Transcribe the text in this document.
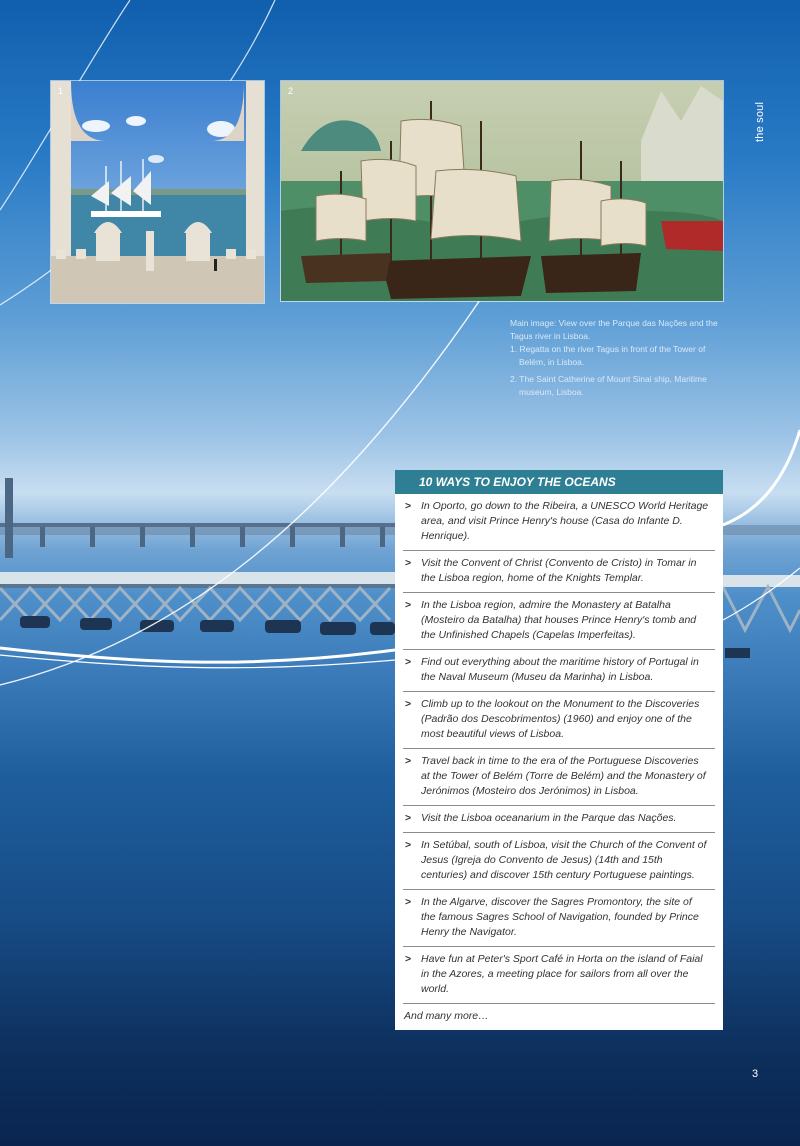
1	2
the soul

Main image: View over the Parque das Nações and the Tagus river in Lisboa.

1. Regatta on the river Tagus in front of the Tower of Belém, in Lisboa.

2. The Saint Catherine of Mount Sinai ship, Maritime museum, Lisboa.

10 WAYS TO ENJOY THE OCEANS
> In Oporto, go down to the Ribeira, a UNESCO World Heritage area, and visit Prince Henry's house (Casa do Infante D. Henrique).
> Visit the Convent of Christ (Convento de Cristo) in Tomar in the Lisboa region, home of the Knights Templar.
> In the Lisboa region, admire the Monastery at Batalha (Mosteiro da Batalha) that houses Prince Henry's tomb and the Unfinished Chapels (Capelas Imperfeitas).
> Find out everything about the maritime history of Portugal in the Naval Museum (Museu da Marinha) in Lisboa.
> Climb up to the lookout on the Monument to the Discoveries (Padrão dos Descobrimentos) (1960) and enjoy one of the most beautiful views of Lisboa.
> Travel back in time to the era of the Portuguese Discoveries at the Tower of Belém (Torre de Belém) and the Monastery of Jerónimos (Mosteiro dos Jerónimos) in Lisboa.
> Visit the Lisboa oceanarium in the Parque das Nações.
> In Setúbal, south of Lisboa, visit the Church of the Convent of Jesus (Igreja do Convento de Jesus) (14th and 15th centuries) and discover 15th century Portuguese paintings.
> In the Algarve, discover the Sagres Promontory, the site of the famous Sagres School of Navigation, founded by Prince Henry the Navigator.
> Have fun at Peter's Sport Café in Horta on the island of Faial in the Azores, a meeting place for sailors from all over the world.
And many more…
3
